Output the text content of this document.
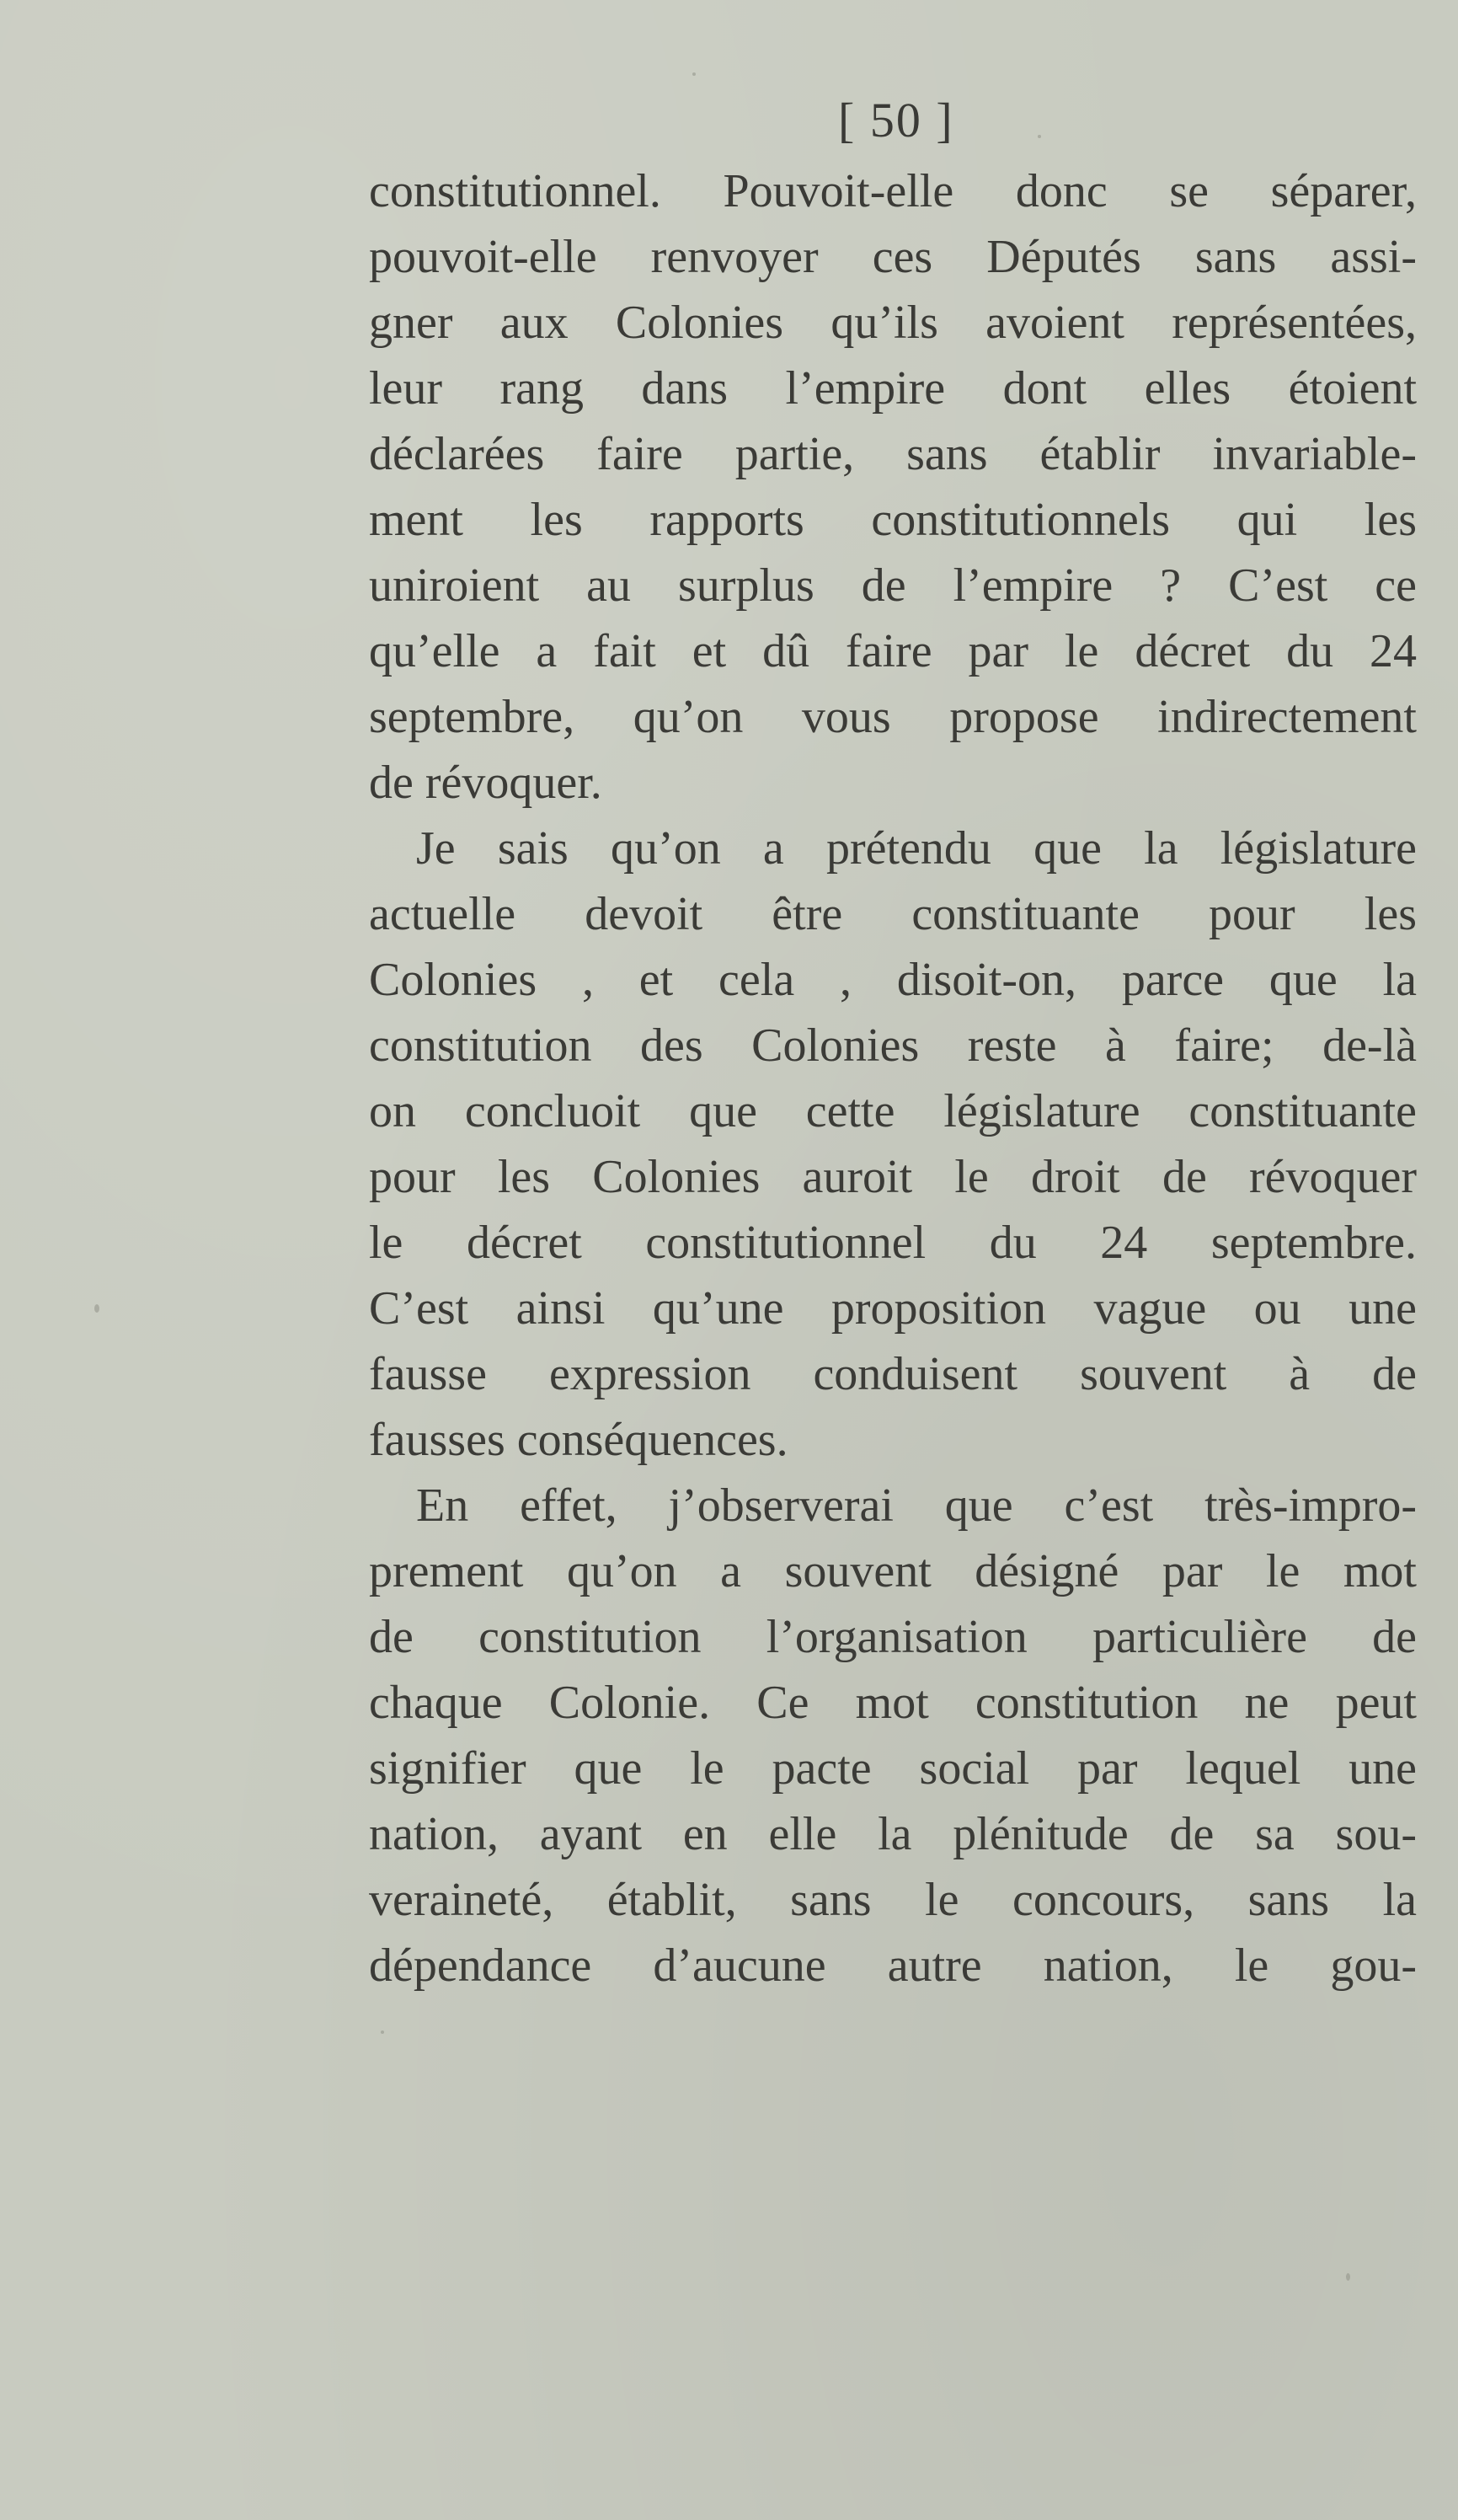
[ 50 ]
constitutionnel. Pouvoit-elle donc se séparer,
pouvoit-elle renvoyer ces Députés sans assi-
gner aux Colonies qu’ils avoient représentées,
leur rang dans l’empire dont elles étoient
déclarées faire partie, sans établir invariable-
ment les rapports constitutionnels qui les
uniroient au surplus de l’empire ? C’est ce
qu’elle a fait et dû faire par le décret du 24
septembre, qu’on vous propose indirectement
de révoquer.
Je sais qu’on a prétendu que la législature
actuelle devoit être constituante pour les
Colonies , et cela , disoit-on, parce que la
constitution des Colonies reste à faire; de-là
on concluoit que cette législature constituante
pour les Colonies auroit le droit de révoquer
le décret constitutionnel du 24 septembre.
C’est ainsi qu’une proposition vague ou une
fausse expression conduisent souvent à de
fausses conséquences.
En effet, j’observerai que c’est très-impro-
prement qu’on a souvent désigné par le mot
de constitution l’organisation particulière de
chaque Colonie. Ce mot constitution ne peut
signifier que le pacte social par lequel une
nation, ayant en elle la plénitude de sa sou-
veraineté, établit, sans le concours, sans la
dépendance d’aucune autre nation, le gou-
